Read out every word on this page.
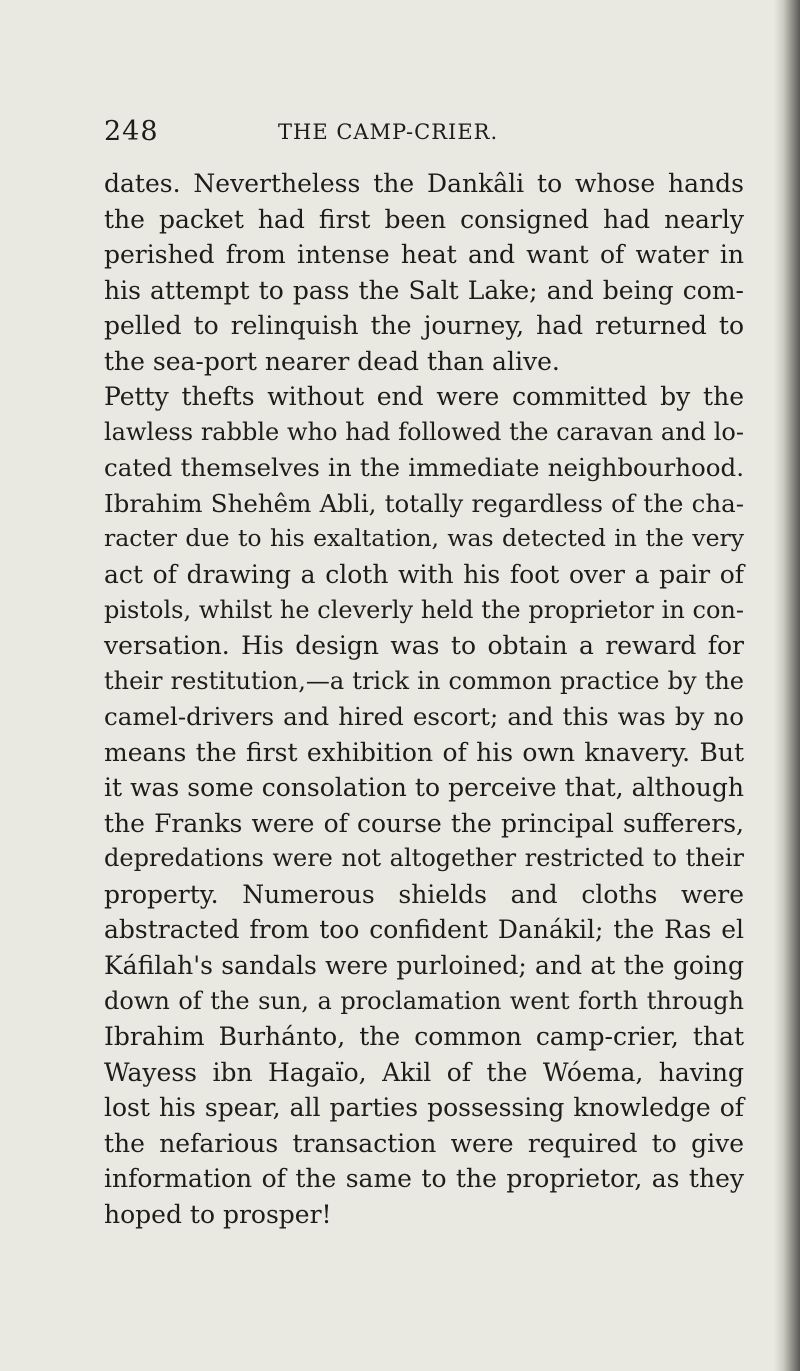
248	THE CAMP-CRIER.
dates. Nevertheless the Dankâli to whose hands
the packet had first been consigned had nearly
perished from intense heat and want of water in
his attempt to pass the Salt Lake; and being com-
pelled to relinquish the journey, had returned to
the sea-port nearer dead than alive.
Petty thefts without end were committed by the
lawless rabble who had followed the caravan and lo-
cated themselves in the immediate neighbourhood.
Ibrahim Shehêm Abli, totally regardless of the cha-
racter due to his exaltation, was detected in the very
act of drawing a cloth with his foot over a pair of
pistols, whilst he cleverly held the proprietor in con-
versation. His design was to obtain a reward for
their restitution,—a trick in common practice by the
camel-drivers and hired escort; and this was by no
means the first exhibition of his own knavery. But
it was some consolation to perceive that, although
the Franks were of course the principal sufferers,
depredations were not altogether restricted to their
property. Numerous shields and cloths were
abstracted from too confident Danákil; the Ras el
Káfilah's sandals were purloined; and at the going
down of the sun, a proclamation went forth through
Ibrahim Burhánto, the common camp-crier, that
Wayess ibn Hagaïo, Akil of the Wóema, having
lost his spear, all parties possessing knowledge of
the nefarious transaction were required to give
information of the same to the proprietor, as they
hoped to prosper!
